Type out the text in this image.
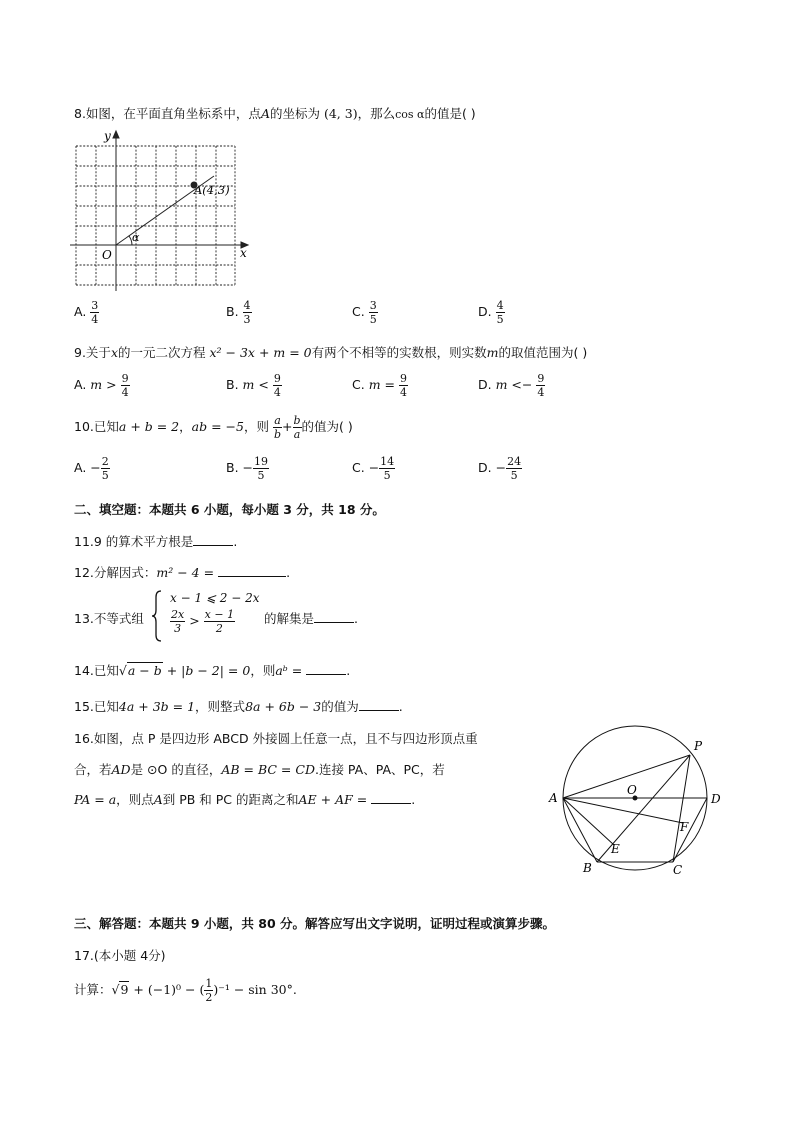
8.如图，在平面直角坐标系中，点A的坐标为 (4, 3)，那么cos α的值是( )
y
x
O
A(4,3)
α
A. $\frac{3}{4}$	B. $\frac{4}{3}$	C. $\frac{3}{5}$	D. $\frac{4}{5}$
9.关于x的一元二次方程 x² − 3x + m = 0有两个不相等的实数根，则实数m的取值范围为( )
A. $m > \frac{9}{4}$	B. $m < \frac{9}{4}$	C. $m = \frac{9}{4}$	D. $m <- \frac{9}{4}$
10.已知a + b = 2，ab = −5，则 $\frac{a}{b} + \frac{b}{a}$ 的值为( )
A. − $\frac{2}{5}$	B. − $\frac{19}{5}$	C. − $\frac{14}{5}$	D. − $\frac{24}{5}$
二、填空题：本题共 6 小题，每小题 3 分，共 18 分。
11.9 的算术平方根是	.
12.分解因式：m² − 4 =	.
13.不等式组
x − 1 ⩽ 2 − 2x
$\frac{2x}{3} > \frac{x - 1}{2}$ 的解集是	.
14.已知√a − b + |b − 2| = 0，则aᵇ =	.
15.已知4a + 3b = 1，则整式8a + 6b − 3的值为	.
16.如图，点 P 是四边形 ABCD 外接圆上任意一点，且不与四边形顶点重
合，若AD是 ⊙O 的直径，AB = BC = CD.连接 PA、PA、PC，若
PA = a，则点A到 PB 和 PC 的距离之和AE + AF =	.
P
A
O
D
F
E
B	C
三、解答题：本题共 9 小题，共 80 分。解答应写出文字说明，证明过程或演算步骤。
17.(本小题 4分)
计算：√9 + (−1)⁰ − ( $\frac{1}{2} )^{-1} - \sin 30^\circ$.
